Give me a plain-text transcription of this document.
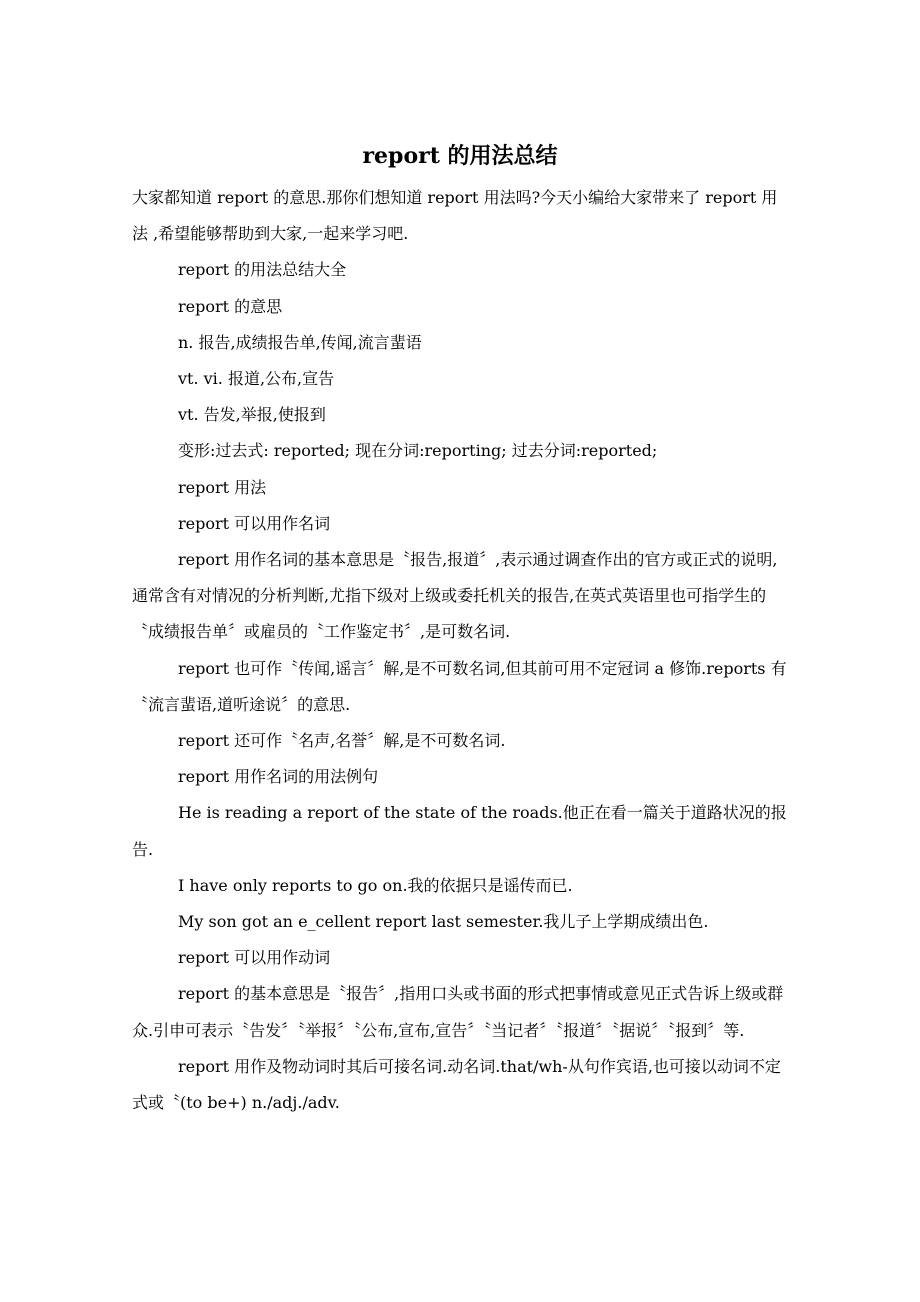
report 的用法总结

大家都知道 report 的意思.那你们想知道 report 用法吗?今天小编给大家带来了 report 用法 ,希望能够帮助到大家,一起来学习吧.

report 的用法总结大全

report 的意思

n. 报告,成绩报告单,传闻,流言蜚语

vt. vi. 报道,公布,宣告

vt. 告发,举报,使报到

变形:过去式: reported; 现在分词:reporting; 过去分词:reported;

report 用法

report 可以用作名词

report 用作名词的基本意思是〝报告,报道〞,表示通过调查作出的官方或正式的说明,通常含有对情况的分析判断,尤指下级对上级或委托机关的报告,在英式英语里也可指学生的〝成绩报告单〞或雇员的〝工作鉴定书〞,是可数名词.

report 也可作〝传闻,谣言〞解,是不可数名词,但其前可用不定冠词 a 修饰.reports 有〝流言蜚语,道听途说〞的意思.

report 还可作〝名声,名誉〞解,是不可数名词.

report 用作名词的用法例句

He is reading a report of the state of the roads.他正在看一篇关于道路状况的报告.

I have only reports to go on.我的依据只是谣传而已.

My son got an e_cellent report last semester.我儿子上学期成绩出色.

report 可以用作动词

report 的基本意思是〝报告〞,指用口头或书面的形式把事情或意见正式告诉上级或群众.引申可表示〝告发〞〝举报〞〝公布,宣布,宣告〞〝当记者〞〝报道〞〝据说〞〝报到〞等.

report 用作及物动词时其后可接名词.动名词.that/wh-从句作宾语,也可接以动词不定式或〝(to be+) n./adj./adv.
